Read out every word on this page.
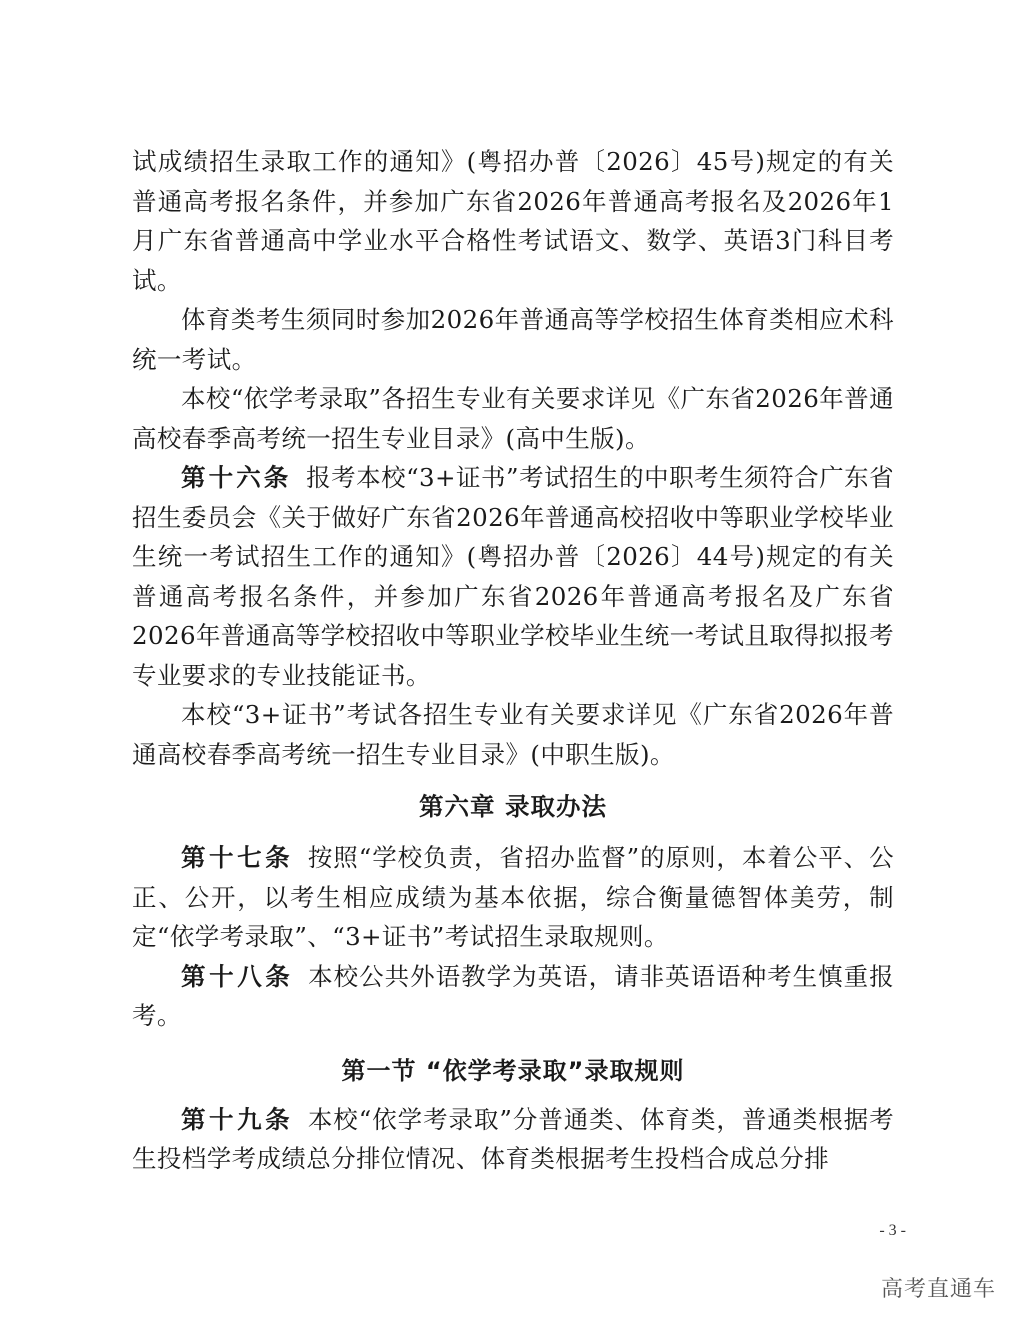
试成绩招生录取工作的通知》(粤招办普〔2026〕45号)规定的有关普通高考报名条件，并参加广东省2026年普通高考报名及2026年1月广东省普通高中学业水平合格性考试语文、数学、英语3门科目考试。

体育类考生须同时参加2026年普通高等学校招生体育类相应术科统一考试。

本校“依学考录取”各招生专业有关要求详见《广东省2026年普通高校春季高考统一招生专业目录》(高中生版)。

第十六条 报考本校“3+证书”考试招生的中职考生须符合广东省招生委员会《关于做好广东省2026年普通高校招收中等职业学校毕业生统一考试招生工作的通知》(粤招办普〔2026〕44号)规定的有关普通高考报名条件，并参加广东省2026年普通高考报名及广东省2026年普通高等学校招收中等职业学校毕业生统一考试且取得拟报考专业要求的专业技能证书。

本校“3+证书”考试各招生专业有关要求详见《广东省2026年普通高校春季高考统一招生专业目录》(中职生版)。

第六章 录取办法

第十七条 按照“学校负责，省招办监督”的原则，本着公平、公正、公开，以考生相应成绩为基本依据，综合衡量德智体美劳，制定“依学考录取”、“3+证书”考试招生录取规则。

第十八条 本校公共外语教学为英语，请非英语语种考生慎重报考。

第一节 “依学考录取”录取规则

第十九条 本校“依学考录取”分普通类、体育类，普通类根据考生投档学考成绩总分排位情况、体育类根据考生投档合成总分排

- 3 -
高考直通车
